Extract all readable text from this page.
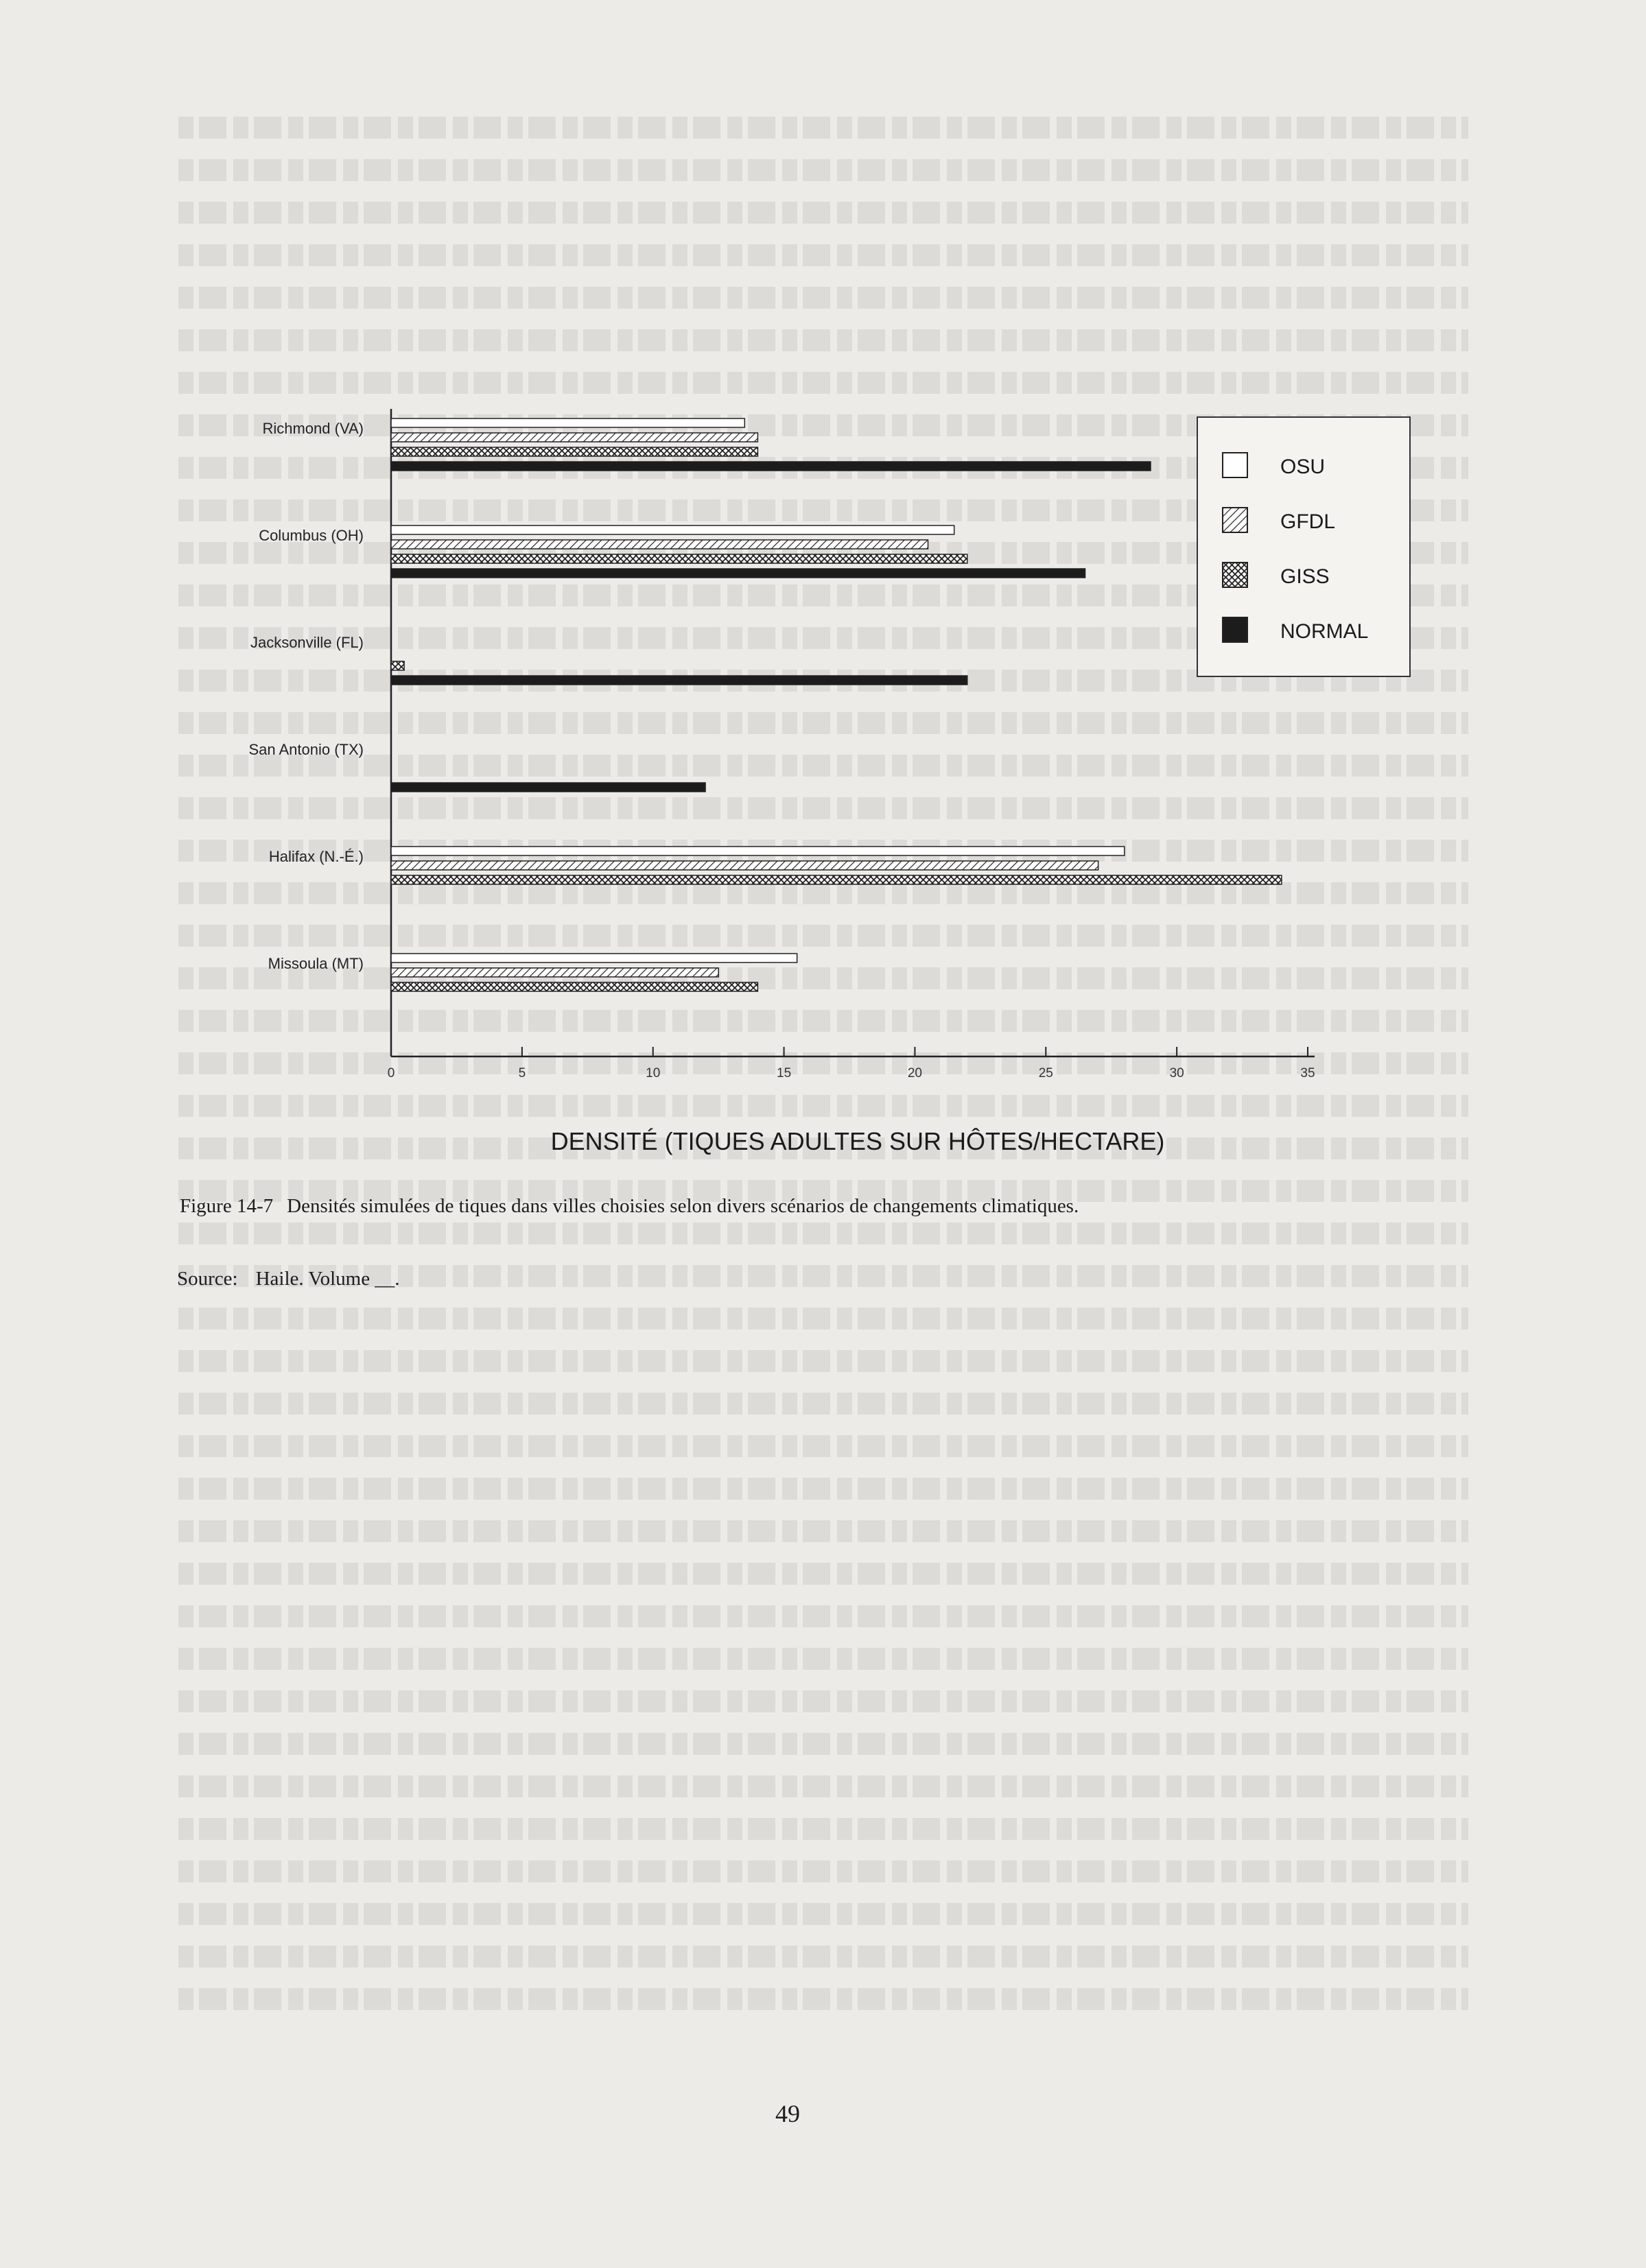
Richmond (VA)
Columbus (OH)
Jacksonville (FL)
San Antonio (TX)
Halifax (N.-É.)
Missoula (MT)
0	5	10	15	20	25	30	35
OSU
GFDL
GISS
NORMAL
DENSITÉ (TIQUES ADULTES SUR HÔTES/HECTARE)
Figure 14-7 Densités simulées de tiques dans villes choisies selon divers scénarios de changements climatiques.
Source: Haile. Volume __.
49
